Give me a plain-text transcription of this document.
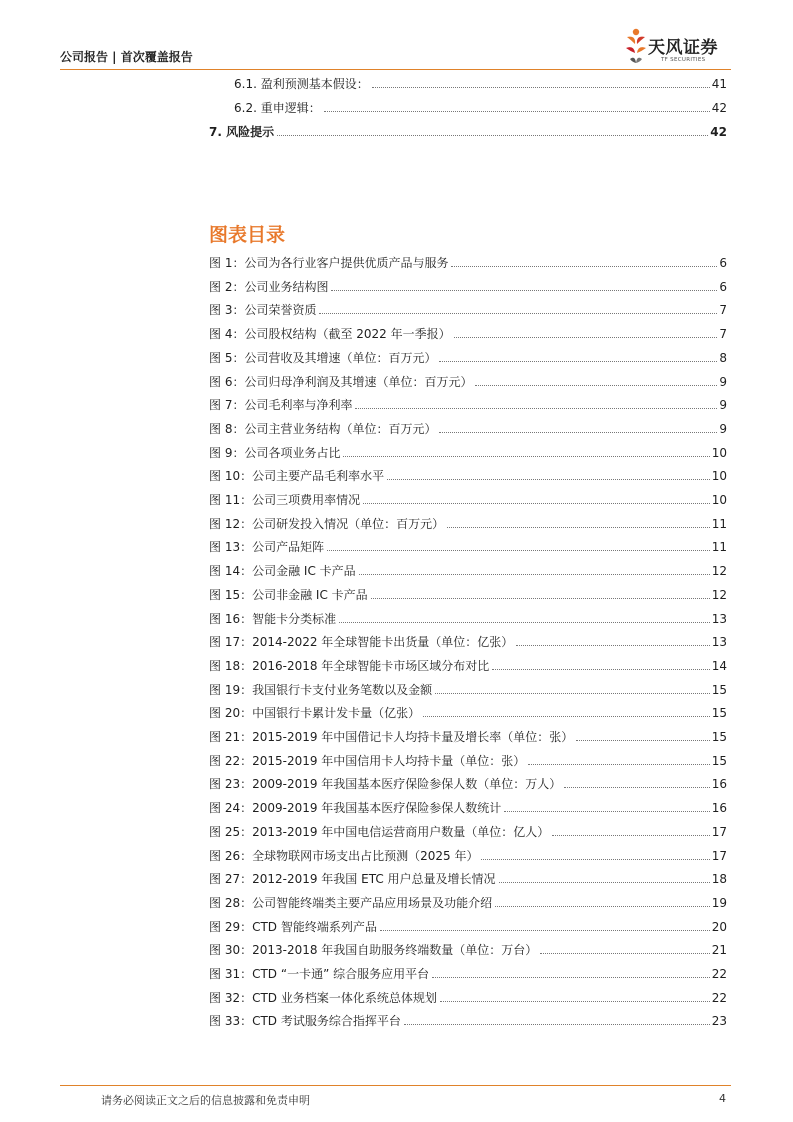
公司报告 | 首次覆盖报告	天风证券
TF SECURITIES
6.1. 盈利预测基本假设：	41
6.2. 重申逻辑：	42
7. 风险提示	42
图表目录
图 1：公司为各行业客户提供优质产品与服务	6
图 2：公司业务结构图	6
图 3：公司荣誉资质	7
图 4：公司股权结构（截至 2022 年一季报）	7
图 5：公司营收及其增速（单位：百万元）	8
图 6：公司归母净利润及其增速（单位：百万元）	9
图 7：公司毛利率与净利率	9
图 8：公司主营业务结构（单位：百万元）	9
图 9：公司各项业务占比	10
图 10：公司主要产品毛利率水平	10
图 11：公司三项费用率情况	10
图 12：公司研发投入情况（单位：百万元）	11
图 13：公司产品矩阵	11
图 14：公司金融 IC 卡产品	12
图 15：公司非金融 IC 卡产品	12
图 16：智能卡分类标准	13
图 17：2014-2022 年全球智能卡出货量（单位：亿张）	13
图 18：2016-2018 年全球智能卡市场区域分布对比	14
图 19：我国银行卡支付业务笔数以及金额	15
图 20：中国银行卡累计发卡量（亿张）	15
图 21：2015-2019 年中国借记卡人均持卡量及增长率（单位：张）	15
图 22：2015-2019 年中国信用卡人均持卡量（单位：张）	15
图 23：2009-2019 年我国基本医疗保险参保人数（单位：万人）	16
图 24：2009-2019 年我国基本医疗保险参保人数统计	16
图 25：2013-2019 年中国电信运营商用户数量（单位：亿人）	17
图 26：全球物联网市场支出占比预测（2025 年）	17
图 27：2012-2019 年我国 ETC 用户总量及增长情况	18
图 28：公司智能终端类主要产品应用场景及功能介绍	19
图 29：CTD 智能终端系列产品	20
图 30：2013-2018 年我国自助服务终端数量（单位：万台）	21
图 31：CTD “一卡通” 综合服务应用平台	22
图 32：CTD 业务档案一体化系统总体规划	22
图 33：CTD 考试服务综合指挥平台	23
请务必阅读正文之后的信息披露和免责申明	4
